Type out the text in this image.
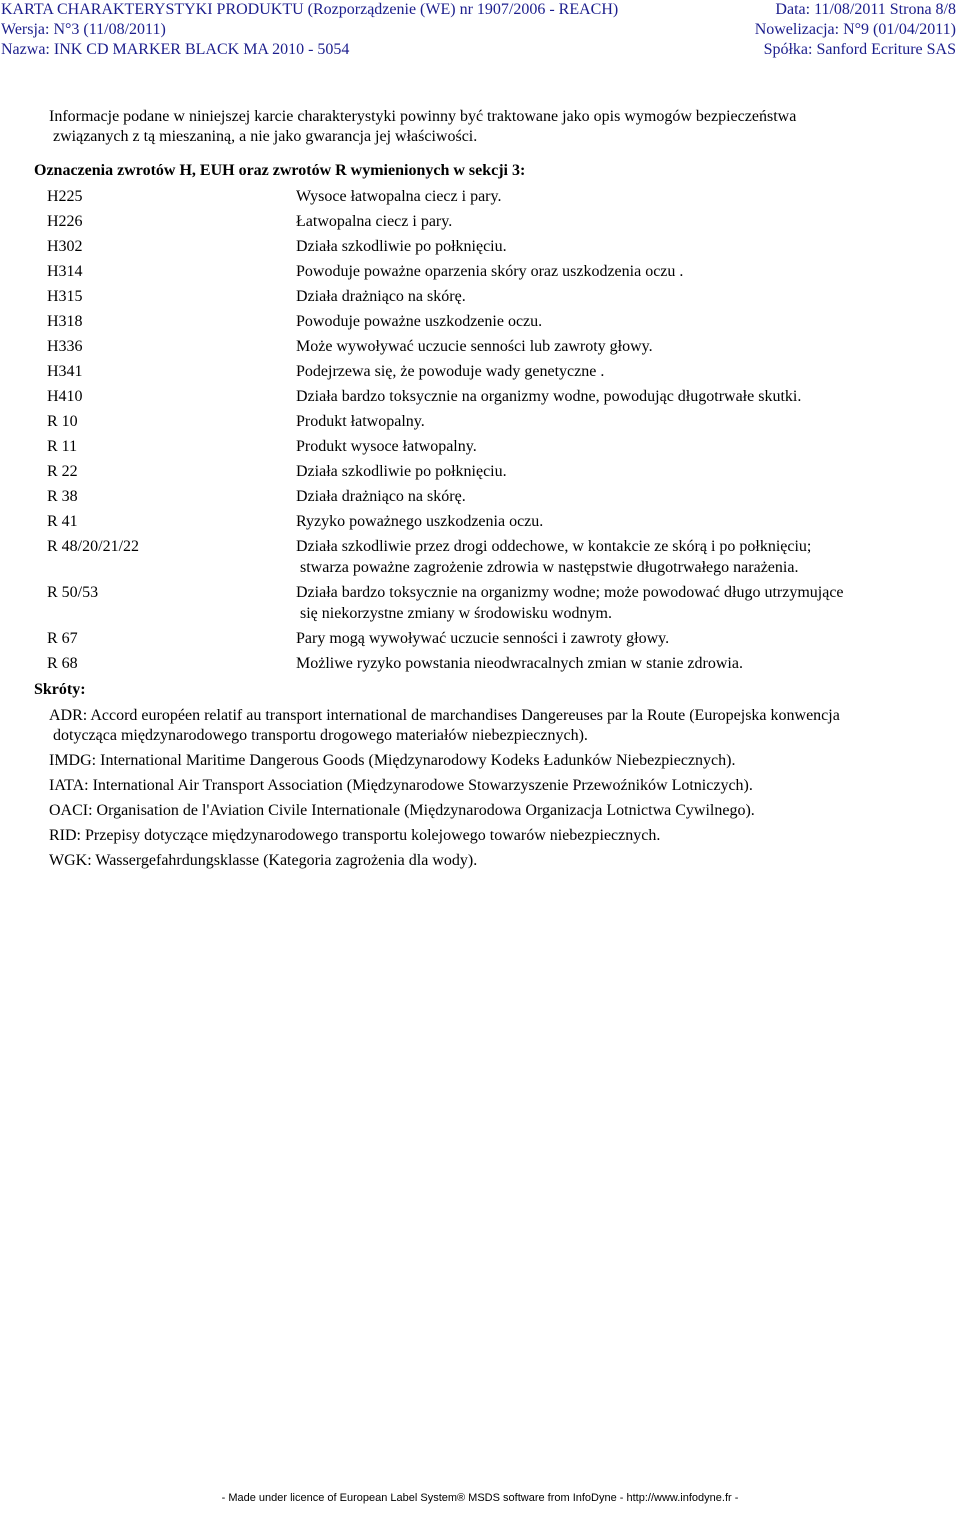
KARTA CHARAKTERYSTYKI PRODUKTU (Rozporządzenie (WE) nr 1907/2006 - REACH)	Data: 11/08/2011 Strona 8/8
Wersja: N°3 (11/08/2011)	Nowelizacja: N°9 (01/04/2011)
Nazwa: INK CD MARKER BLACK MA 2010 - 5054	Spółka: Sanford Ecriture SAS
Informacje podane w niniejszej karcie charakterystyki powinny być traktowane jako opis wymogów bezpieczeństwa
związanych z tą mieszaniną, a nie jako gwarancja jej właściwości.
Oznaczenia zwrotów H, EUH oraz zwrotów R wymienionych w sekcji 3:
H225	Wysoce łatwopalna ciecz i pary.
H226	Łatwopalna ciecz i pary.
H302	Działa szkodliwie po połknięciu.
H314	Powoduje poważne oparzenia skóry oraz uszkodzenia oczu .
H315	Działa drażniąco na skórę.
H318	Powoduje poważne uszkodzenie oczu.
H336	Może wywoływać uczucie senności lub zawroty głowy.
H341	Podejrzewa się, że powoduje wady genetyczne .
H410	Działa bardzo toksycznie na organizmy wodne, powodując długotrwałe skutki.
R 10	Produkt łatwopalny.
R 11	Produkt wysoce łatwopalny.
R 22	Działa szkodliwie po połknięciu.
R 38	Działa drażniąco na skórę.
R 41	Ryzyko poważnego uszkodzenia oczu.
R 48/20/21/22	Działa szkodliwie przez drogi oddechowe, w kontakcie ze skórą i po połknięciu;
stwarza poważne zagrożenie zdrowia w następstwie długotrwałego narażenia.
R 50/53	Działa bardzo toksycznie na organizmy wodne; może powodować długo utrzymujące
się niekorzystne zmiany w środowisku wodnym.
R 67	Pary mogą wywoływać uczucie senności i zawroty głowy.
R 68	Możliwe ryzyko powstania nieodwracalnych zmian w stanie zdrowia.
Skróty:
ADR: Accord européen relatif au transport international de marchandises Dangereuses par la Route (Europejska konwencja
dotycząca międzynarodowego transportu drogowego materiałów niebezpiecznych).
IMDG: International Maritime Dangerous Goods (Międzynarodowy Kodeks Ładunków Niebezpiecznych).
IATA: International Air Transport Association (Międzynarodowe Stowarzyszenie Przewoźników Lotniczych).
OACI: Organisation de l'Aviation Civile Internationale (Międzynarodowa Organizacja Lotnictwa Cywilnego).
RID: Przepisy dotyczące międzynarodowego transportu kolejowego towarów niebezpiecznych.
WGK: Wassergefahrdungsklasse (Kategoria zagrożenia dla wody).
- Made under licence of European Label System® MSDS software from InfoDyne - http://www.infodyne.fr -
